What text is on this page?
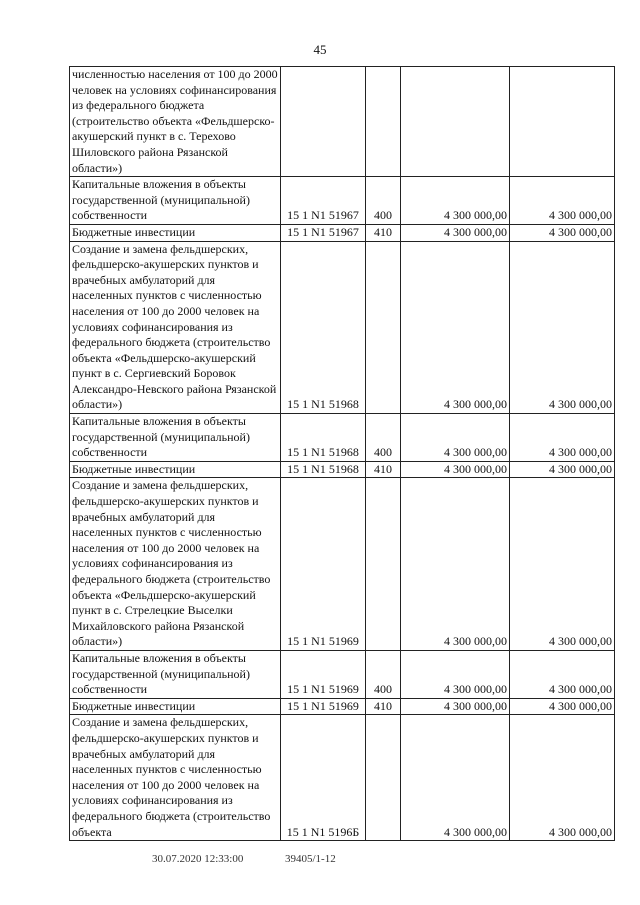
45
численностью населения от 100 до 2000 человек на условиях софинансирования из федерального бюджета (строительство объекта «Фельдшерско-акушерский пункт в с. Терехово Шиловского района Рязанской области»)				
Капитальные вложения в объекты государственной (муниципальной) собственности	15 1 N1 51967	400	4 300 000,00	4 300 000,00
Бюджетные инвестиции	15 1 N1 51967	410	4 300 000,00	4 300 000,00
Создание и замена фельдшерских, фельдшерско-акушерских пунктов и врачебных амбулаторий для населенных пунктов с численностью населения от 100 до 2000 человек на условиях софинансирования из федерального бюджета (строительство объекта «Фельдшерско-акушерский пункт в с. Сергиевский Боровок Александро-Невского района Рязанской области»)	15 1 N1 51968		4 300 000,00	4 300 000,00
Капитальные вложения в объекты государственной (муниципальной) собственности	15 1 N1 51968	400	4 300 000,00	4 300 000,00
Бюджетные инвестиции	15 1 N1 51968	410	4 300 000,00	4 300 000,00
Создание и замена фельдшерских, фельдшерско-акушерских пунктов и врачебных амбулаторий для населенных пунктов с численностью населения от 100 до 2000 человек на условиях софинансирования из федерального бюджета (строительство объекта «Фельдшерско-акушерский пункт в с. Стрелецкие Выселки Михайловского района Рязанской области»)	15 1 N1 51969		4 300 000,00	4 300 000,00
Капитальные вложения в объекты государственной (муниципальной) собственности	15 1 N1 51969	400	4 300 000,00	4 300 000,00
Бюджетные инвестиции	15 1 N1 51969	410	4 300 000,00	4 300 000,00
Создание и замена фельдшерских, фельдшерско-акушерских пунктов и врачебных амбулаторий для населенных пунктов с численностью населения от 100 до 2000 человек на условиях софинансирования из федерального бюджета (строительство объекта	15 1 N1 5196Б		4 300 000,00	4 300 000,00
30.07.2020 12:33:00	39405/1-12
